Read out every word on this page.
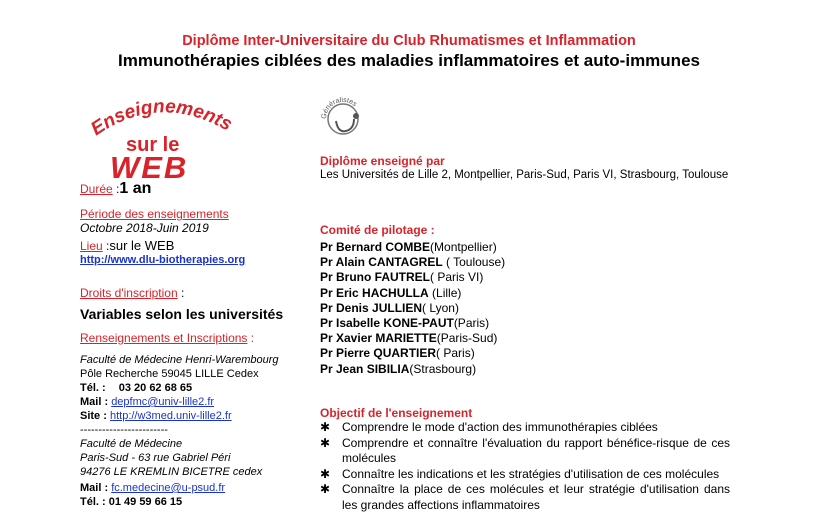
Diplôme Inter-Universitaire du Club Rhumatismes et Inflammation
Immunothérapies ciblées des maladies inflammatoires et auto-immunes
Enseignements
sur le
WEB
Généralistes
Durée :1 an
Période des enseignements
Octobre 2018-Juin 2019
Lieu :sur le WEB
http://www.dlu-biotherapies.org
Droits d'inscription :
Variables selon les universités
Renseignements et Inscriptions :
Faculté de Médecine Henri-Warembourg
Pôle Recherche 59045 LILLE Cedex
Tél. : 03 20 62 68 65
Mail : depfmc@univ-lille2.fr
Site : http://w3med.univ-lille2.fr
------------------------
Faculté de Médecine
Paris-Sud - 63 rue Gabriel Péri
94276 LE KREMLIN BICETRE cedex
Mail : fc.medecine@u-psud.fr
Tél. : 01 49 59 66 15
Diplôme enseigné par
Les Universités de Lille 2, Montpellier, Paris-Sud, Paris VI, Strasbourg, Toulouse
Comité de pilotage :
Pr Bernard COMBE(Montpellier)
Pr Alain CANTAGREL ( Toulouse)
Pr Bruno FAUTREL( Paris VI)
Pr Eric HACHULLA (Lille)
Pr Denis JULLIEN( Lyon)
Pr Isabelle KONE-PAUT(Paris)
Pr Xavier MARIETTE(Paris-Sud)
Pr Pierre QUARTIER( Paris)
Pr Jean SIBILIA(Strasbourg)
Objectif de l'enseignement
✱ Comprendre le mode d'action des immunothérapies ciblées
✱ Comprendre et connaître l'évaluation du rapport bénéfice-risque de ces molécules
✱ Connaître les indications et les stratégies d'utilisation de ces molécules
✱ Connaître la place de ces molécules et leur stratégie d'utilisation dans les grandes affections inflammatoires
